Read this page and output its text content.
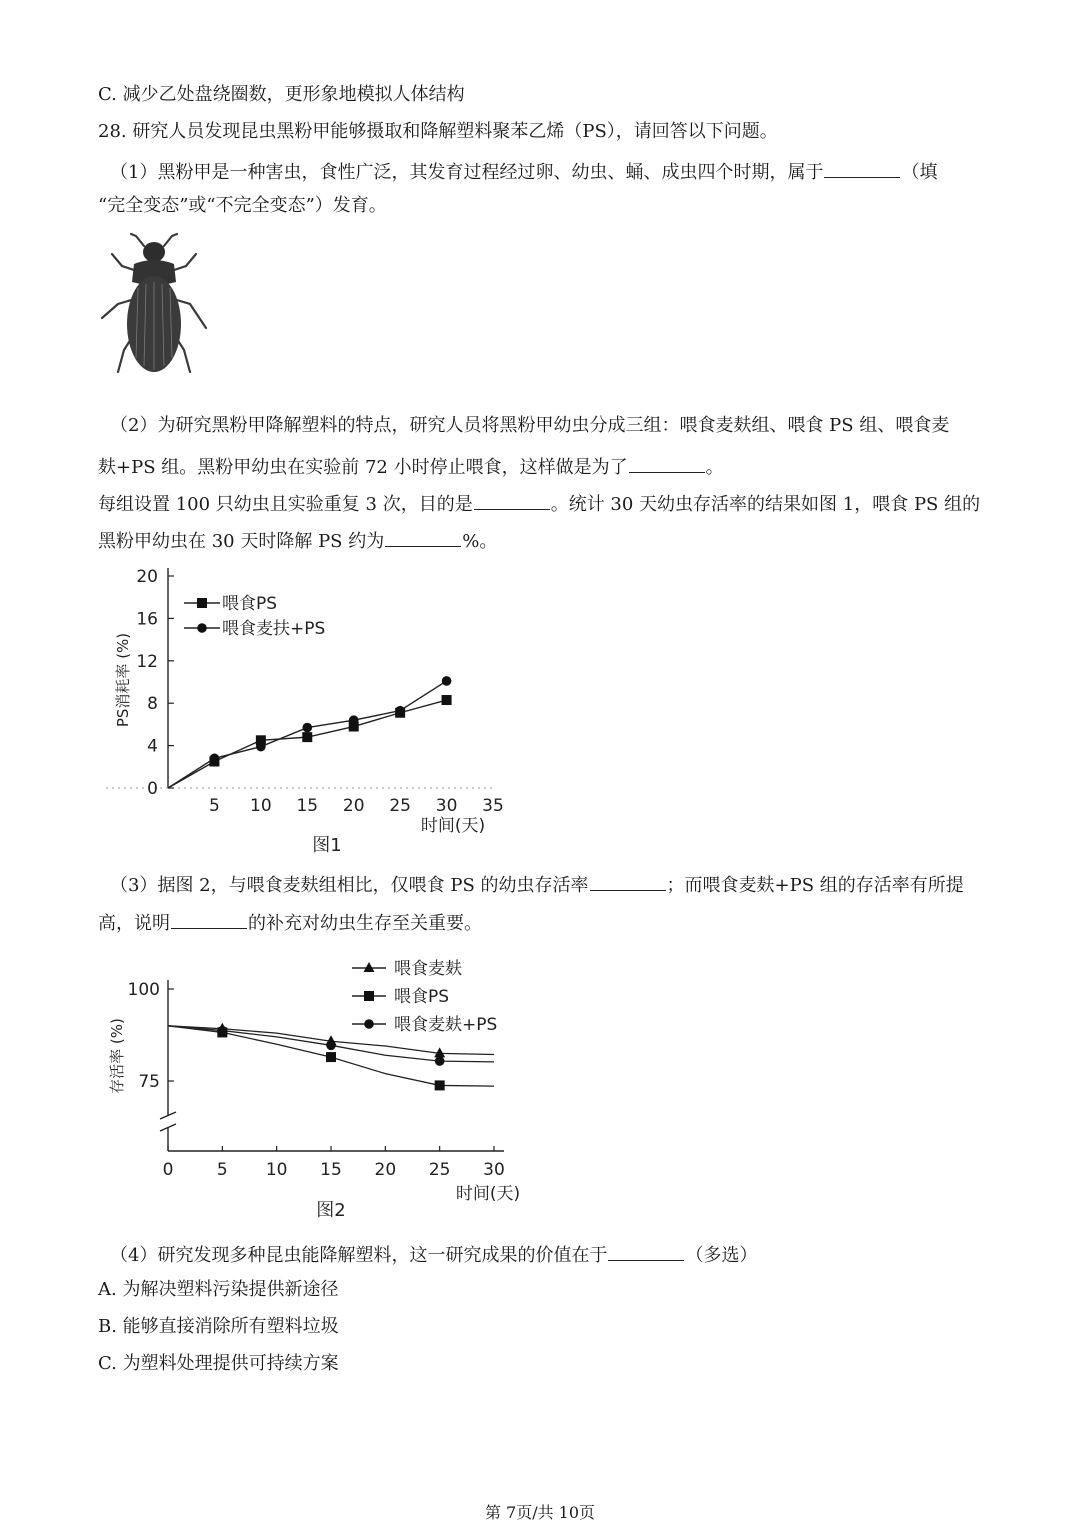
C. 减少乙处盘绕圈数，更形象地模拟人体结构

28. 研究人员发现昆虫黑粉甲能够摄取和降解塑料聚苯乙烯（PS），请回答以下问题。

（1）黑粉甲是一种害虫，食性广泛，其发育过程经过卵、幼虫、蛹、成虫四个时期，属于	（填

“完全变态”或“不完全变态”）发育。

（2）为研究黑粉甲降解塑料的特点，研究人员将黑粉甲幼虫分成三组：喂食麦麸组、喂食 PS 组、喂食麦

麸+PS 组。黑粉甲幼虫在实验前 72 小时停止喂食，这样做是为了	。

每组设置 100 只幼虫且实验重复 3 次，目的是	。统计 30 天幼虫存活率的结果如图 1，喂食 PS 组的

黑粉甲幼虫在 30 天时降解 PS 约为	%。

0
4
8
12
16
20
5 10 15 20 25 30 35
喂食PS
喂食麦扶+PS
PS消耗率 (%)
时间(天)
图1

（3）据图 2，与喂食麦麸组相比，仅喂食 PS 的幼虫存活率	；而喂食麦麸+PS 组的存活率有所提

高，说明	的补充对幼虫生存至关重要。

75
100
0	5 10 15 20 25 30
喂食麦麸
喂食PS
喂食麦麸+PS
存活率 (%)
时间(天)
图2

（4）研究发现多种昆虫能降解塑料，这一研究成果的价值在于	（多选）

A. 为解决塑料污染提供新途径

B. 能够直接消除所有塑料垃圾

C. 为塑料处理提供可持续方案

第 7页/共 10页
